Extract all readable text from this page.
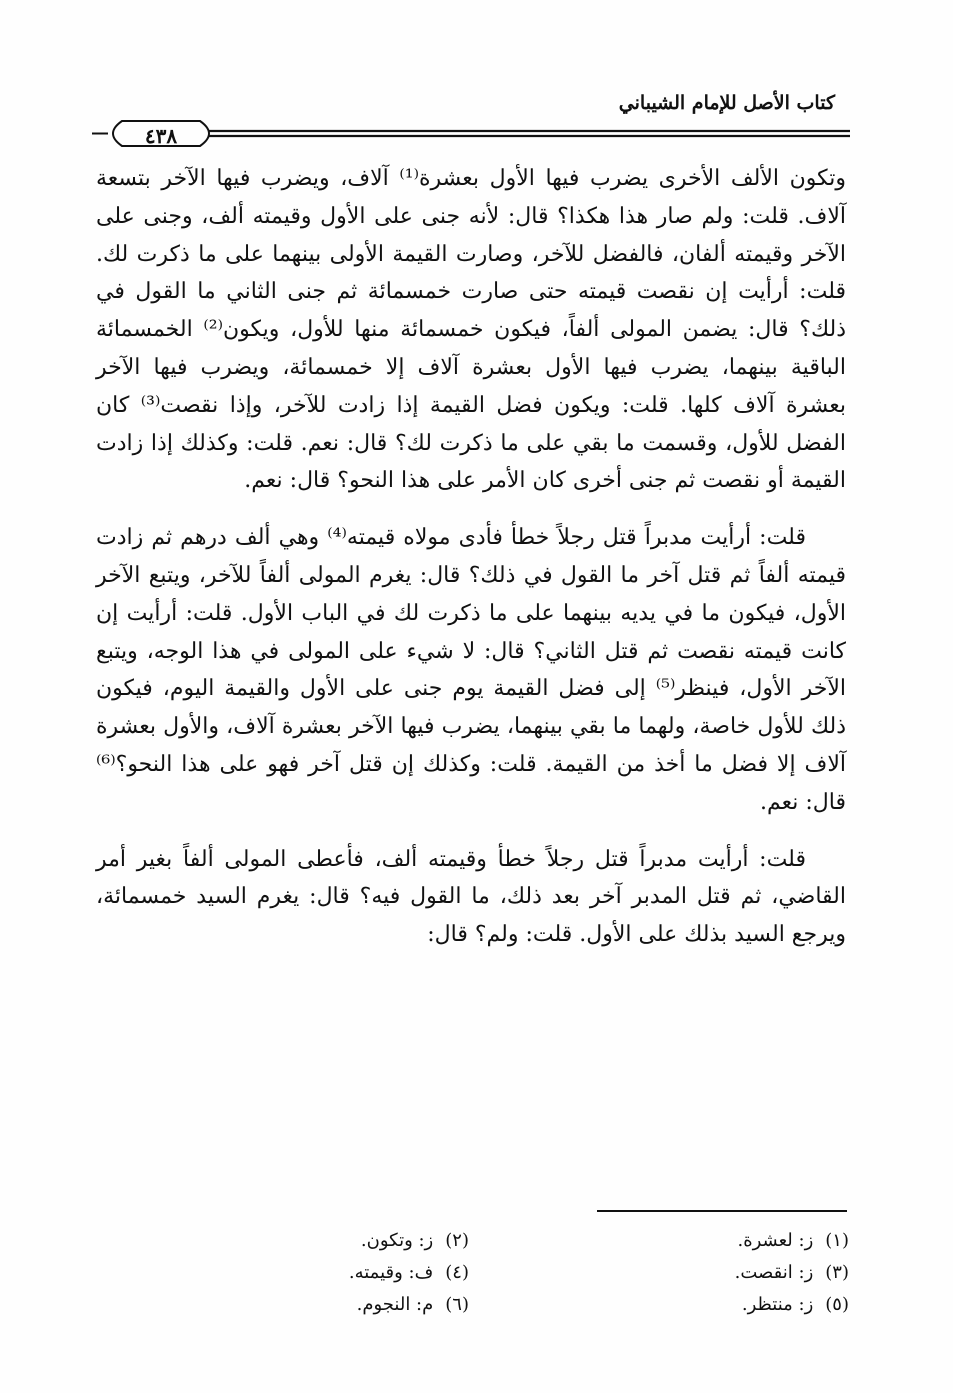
كتاب الأصل للإمام الشيباني
٤٣٨

وتكون الألف الأخرى يضرب فيها الأول بعشرة⁽¹⁾ آلاف، ويضرب فيها الآخر بتسعة آلاف. قلت: ولم صار هذا هكذا؟ قال: لأنه جنى على الأول وقيمته ألف، وجنى على الآخر وقيمته ألفان، فالفضل للآخر، وصارت القيمة الأولى بينهما على ما ذكرت لك. قلت: أرأيت إن نقصت قيمته حتى صارت خمسمائة ثم جنى الثاني ما القول في ذلك؟ قال: يضمن المولى ألفاً، فيكون خمسمائة منها للأول، ويكون⁽²⁾ الخمسمائة الباقية بينهما، يضرب فيها الأول بعشرة آلاف إلا خمسمائة، ويضرب فيها الآخر بعشرة آلاف كلها. قلت: ويكون فضل القيمة إذا زادت للآخر، وإذا نقصت⁽³⁾ كان الفضل للأول، وقسمت ما بقي على ما ذكرت لك؟ قال: نعم. قلت: وكذلك إذا زادت القيمة أو نقصت ثم جنى أخرى كان الأمر على هذا النحو؟ قال: نعم.

قلت: أرأيت مدبراً قتل رجلاً خطأ فأدى مولاه قيمته⁽⁴⁾ وهي ألف درهم ثم زادت قيمته ألفاً ثم قتل آخر ما القول في ذلك؟ قال: يغرم المولى ألفاً للآخر، ويتبع الآخر الأول، فيكون ما في يديه بينهما على ما ذكرت لك في الباب الأول. قلت: أرأيت إن كانت قيمته نقصت ثم قتل الثاني؟ قال: لا شيء على المولى في هذا الوجه، ويتبع الآخر الأول، فينظر⁽⁵⁾ إلى فضل القيمة يوم جنى على الأول والقيمة اليوم، فيكون ذلك للأول خاصة، ولهما ما بقي بينهما، يضرب فيها الآخر بعشرة آلاف، والأول بعشرة آلاف إلا فضل ما أخذ من القيمة. قلت: وكذلك إن قتل آخر فهو على هذا النحو؟⁽⁶⁾ قال: نعم.

قلت: أرأيت مدبراً قتل رجلاً خطأ وقيمته ألف، فأعطى المولى ألفاً بغير أمر القاضي، ثم قتل المدبر آخر بعد ذلك، ما القول فيه؟ قال: يغرم السيد خمسمائة، ويرجع السيد بذلك على الأول. قلت: ولم؟ قال:

(١) ز: لعشرة.
(٢) ز: وتكون.
(٣) ز: انقصت.
(٤) ف: وقيمته.
(٥) ز: منتظر.
(٦) م: النجوم.
